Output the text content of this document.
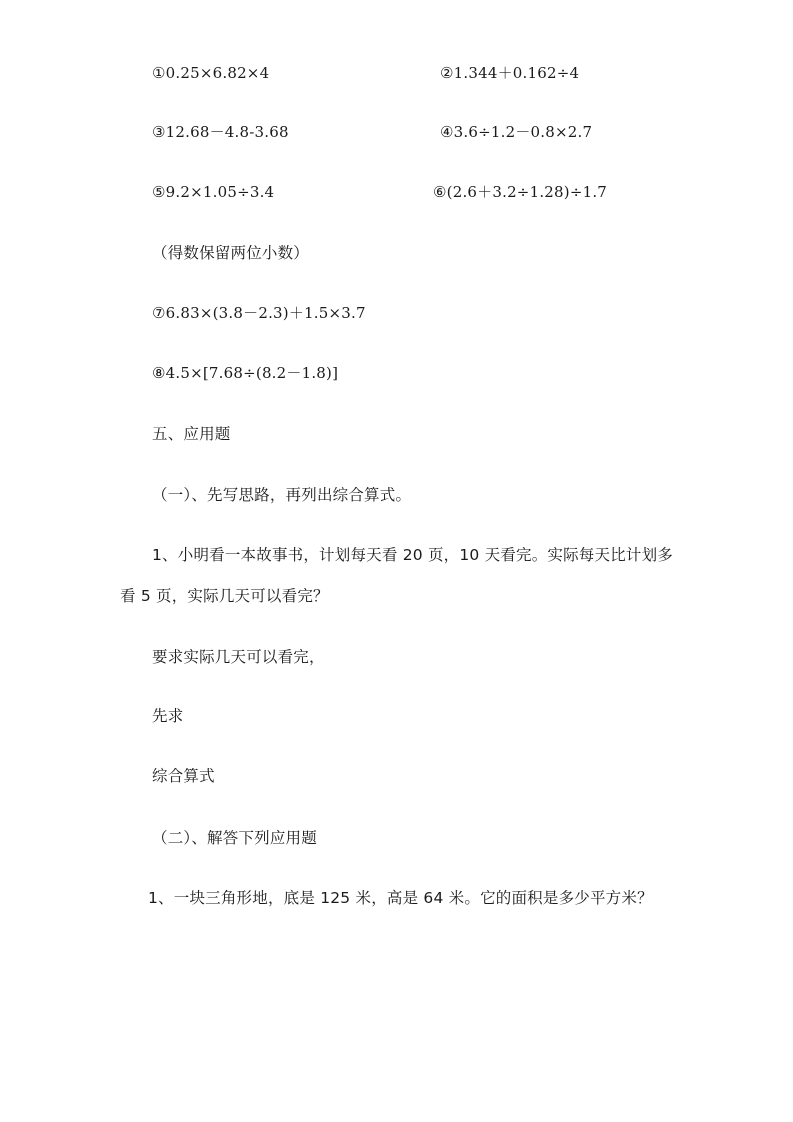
①0.25×6.82×4	②1.344＋0.162÷4
③12.68－4.8-3.68	④3.6÷1.2－0.8×2.7
⑤9.2×1.05÷3.4	⑥(2.6＋3.2÷1.28)÷1.7
（得数保留两位小数）
⑦6.83×(3.8－2.3)＋1.5×3.7
⑧4.5×[7.68÷(8.2－1.8)]
五、应用题
（一）、先写思路，再列出综合算式。
1、小明看一本故事书，计划每天看 20 页，10 天看完。实际每天比计划多
看 5 页，实际几天可以看完？
要求实际几天可以看完，
先求
综合算式
（二）、解答下列应用题
1、一块三角形地，底是 125 米，高是 64 米。它的面积是多少平方米？
